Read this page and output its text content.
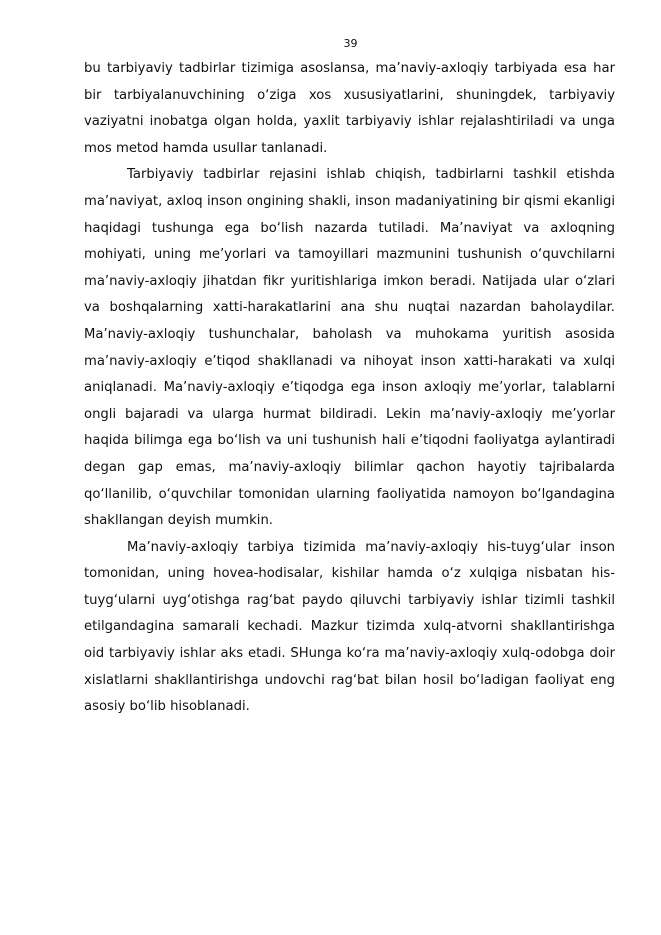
39

bu tarbiyaviy tadbirlar tizimiga asoslansa, ma’naviy-axloqiy tarbiyada esa har bir tarbiyalanuvchining o‘ziga xos xususiyatlarini, shuningdek, tarbiyaviy vaziyatni inobatga olgan holda, yaxlit tarbiyaviy ishlar rejalashtiriladi va unga mos metod hamda usullar tanlanadi.

Tarbiyaviy tadbirlar rejasini ishlab chiqish, tadbirlarni tashkil etishda ma’naviyat, axloq inson ongining shakli, inson madaniyatining bir qismi ekanligi haqidagi tushunga ega bo‘lish nazarda tutiladi. Ma’naviyat va axloqning mohiyati, uning me’yorlari va tamoyillari mazmunini tushunish o‘quvchilarni ma’naviy-axloqiy jihatdan fikr yuritishlariga imkon beradi. Natijada ular o‘zlari va boshqalarning xatti-harakatlarini ana shu nuqtai nazardan baholaydilar. Ma’naviy-axloqiy tushunchalar, baholash va muhokama yuritish asosida ma’naviy-axloqiy e’tiqod shakllanadi va nihoyat inson xatti-harakati va xulqi aniqlanadi. Ma’naviy-axloqiy e’tiqodga ega inson axloqiy me’yorlar, talablarni ongli bajaradi va ularga hurmat bildiradi. Lekin ma’naviy-axloqiy me’yorlar haqida bilimga ega bo‘lish va uni tushunish hali e’tiqodni faoliyatga aylantiradi degan gap emas, ma’naviy-axloqiy bilimlar qachon hayotiy tajribalarda qo‘llanilib, o‘quvchilar tomonidan ularning faoliyatida namoyon bo‘lgandagina shakllangan deyish mumkin.

Ma’naviy-axloqiy tarbiya tizimida ma’naviy-axloqiy his-tuyg‘ular inson tomonidan, uning hovea-hodisalar, kishilar hamda o‘z xulqiga nisbatan his-tuyg‘ularni uyg‘otishga rag‘bat paydo qiluvchi tarbiyaviy ishlar tizimli tashkil etilgandagina samarali kechadi. Mazkur tizimda xulq-atvorni shakllantirishga oid tarbiyaviy ishlar aks etadi. SHunga ko‘ra ma’naviy-axloqiy xulq-odobga doir xislatlarni shakllantirishga undovchi rag‘bat bilan hosil bo‘ladigan faoliyat eng asosiy bo‘lib hisoblanadi.
